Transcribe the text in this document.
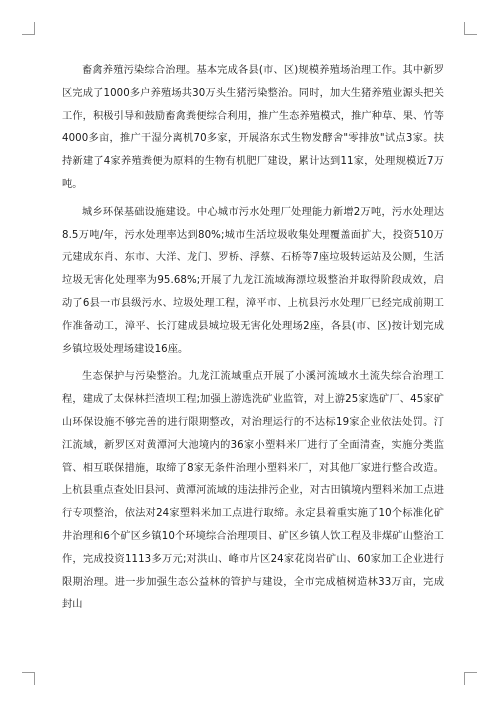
畜禽养殖污染综合治理。基本完成各县(市、区)规模养殖场治理工作。其中新罗区完成了1000多户养殖场共30万头生猪污染整治。同时，加大生猪养殖业源头把关工作，积极引导和鼓励畜禽粪便综合利用，推广生态养殖模式，推广种草、果、竹等4000多亩，推广干湿分离机70多家，开展洛东式生物发酵舍"零排放"试点3家。扶持新建了4家养殖粪便为原料的生物有机肥厂建设，累计达到11家，处理规模近7万吨。

城乡环保基础设施建设。中心城市污水处理厂处理能力新增2万吨，污水处理达8.5万吨/年，污水处理率达到80%;城市生活垃圾收集处理覆盖面扩大，投资510万元建成东肖、东市、大洋、龙门、罗桥、浮蔡、石桥等7座垃圾转运站及公厕，生活垃圾无害化处理率为95.68%;开展了九龙江流域海漂垃圾整治并取得阶段成效，启动了6县一市县级污水、垃圾处理工程，漳平市、上杭县污水处理厂已经完成前期工作准备动工，漳平、长汀建成县城垃圾无害化处理场2座，各县(市、区)按计划完成乡镇垃圾处理场建设16座。

生态保护与污染整治。九龙江流域重点开展了小溪河流域水土流失综合治理工程，建成了太保林拦渣坝工程;加强上游选洗矿业监管，对上游25家选矿厂、45家矿山环保设施不够完善的进行限期整改，对治理运行的不达标19家企业依法处罚。汀江流域，新罗区对黄潭河大池境内的36家小塑料米厂进行了全面清查，实施分类监管、相互联保措施，取缔了8家无条件治理小塑料米厂，对其他厂家进行整合改造。上杭县重点查处旧县河、黄潭河流域的违法排污企业，对古田镇境内塑料米加工点进行专项整治，依法对24家塑料米加工点进行取缔。永定县着重实施了10个标准化矿井治理和6个矿区乡镇10个环境综合治理项目、矿区乡镇人饮工程及非煤矿山整治工作，完成投资1113多万元;对洪山、峰市片区24家花岗岩矿山、60家加工企业进行限期治理。进一步加强生态公益林的管护与建设，全市完成植树造林33万亩，完成封山
